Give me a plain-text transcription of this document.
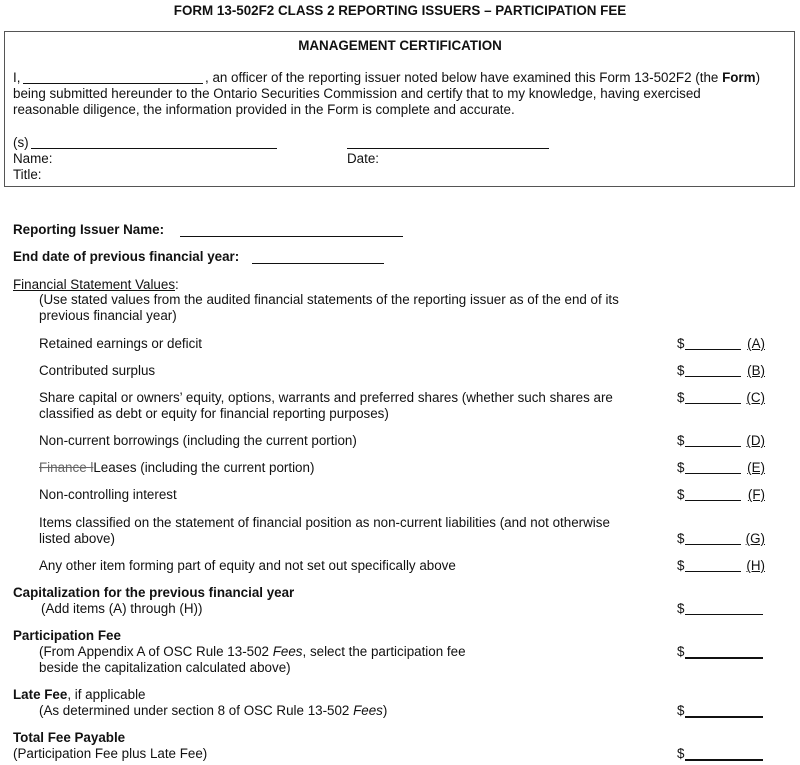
FORM 13-502F2 CLASS 2 REPORTING ISSUERS – PARTICIPATION FEE
MANAGEMENT CERTIFICATION
I,	, an officer of the reporting issuer noted below have examined this Form 13-502F2 (the Form)
being submitted hereunder to the Ontario Securities Commission and certify that to my knowledge, having exercised
reasonable diligence, the information provided in the Form is complete and accurate.
(s)
Name:	Date:
Title:
Reporting Issuer Name:
End date of previous financial year:
Financial Statement Values:
(Use stated values from the audited financial statements of the reporting issuer as of the end of its
previous financial year)
Retained earnings or deficit	$	(A)
Contributed surplus	$	(B)
Share capital or owners’ equity, options, warrants and preferred shares (whether such shares are
classified as debt or equity for financial reporting purposes)
$	(C)
Non-current borrowings (including the current portion)	$	(D)
Finance lLeases (including the current portion)	$	(E)
Non-controlling interest	$	(F)
Items classified on the statement of financial position as non-current liabilities (and not otherwise
listed above)	$	(G)
Any other item forming part of equity and not set out specifically above	$	(H)
Capitalization for the previous financial year
(Add items (A) through (H))	$
Participation Fee
(From Appendix A of OSC Rule 13-502 Fees, select the participation fee
beside the capitalization calculated above)
$
Late Fee, if applicable
(As determined under section 8 of OSC Rule 13-502 Fees)	$
Total Fee Payable
(Participation Fee plus Late Fee)	$
